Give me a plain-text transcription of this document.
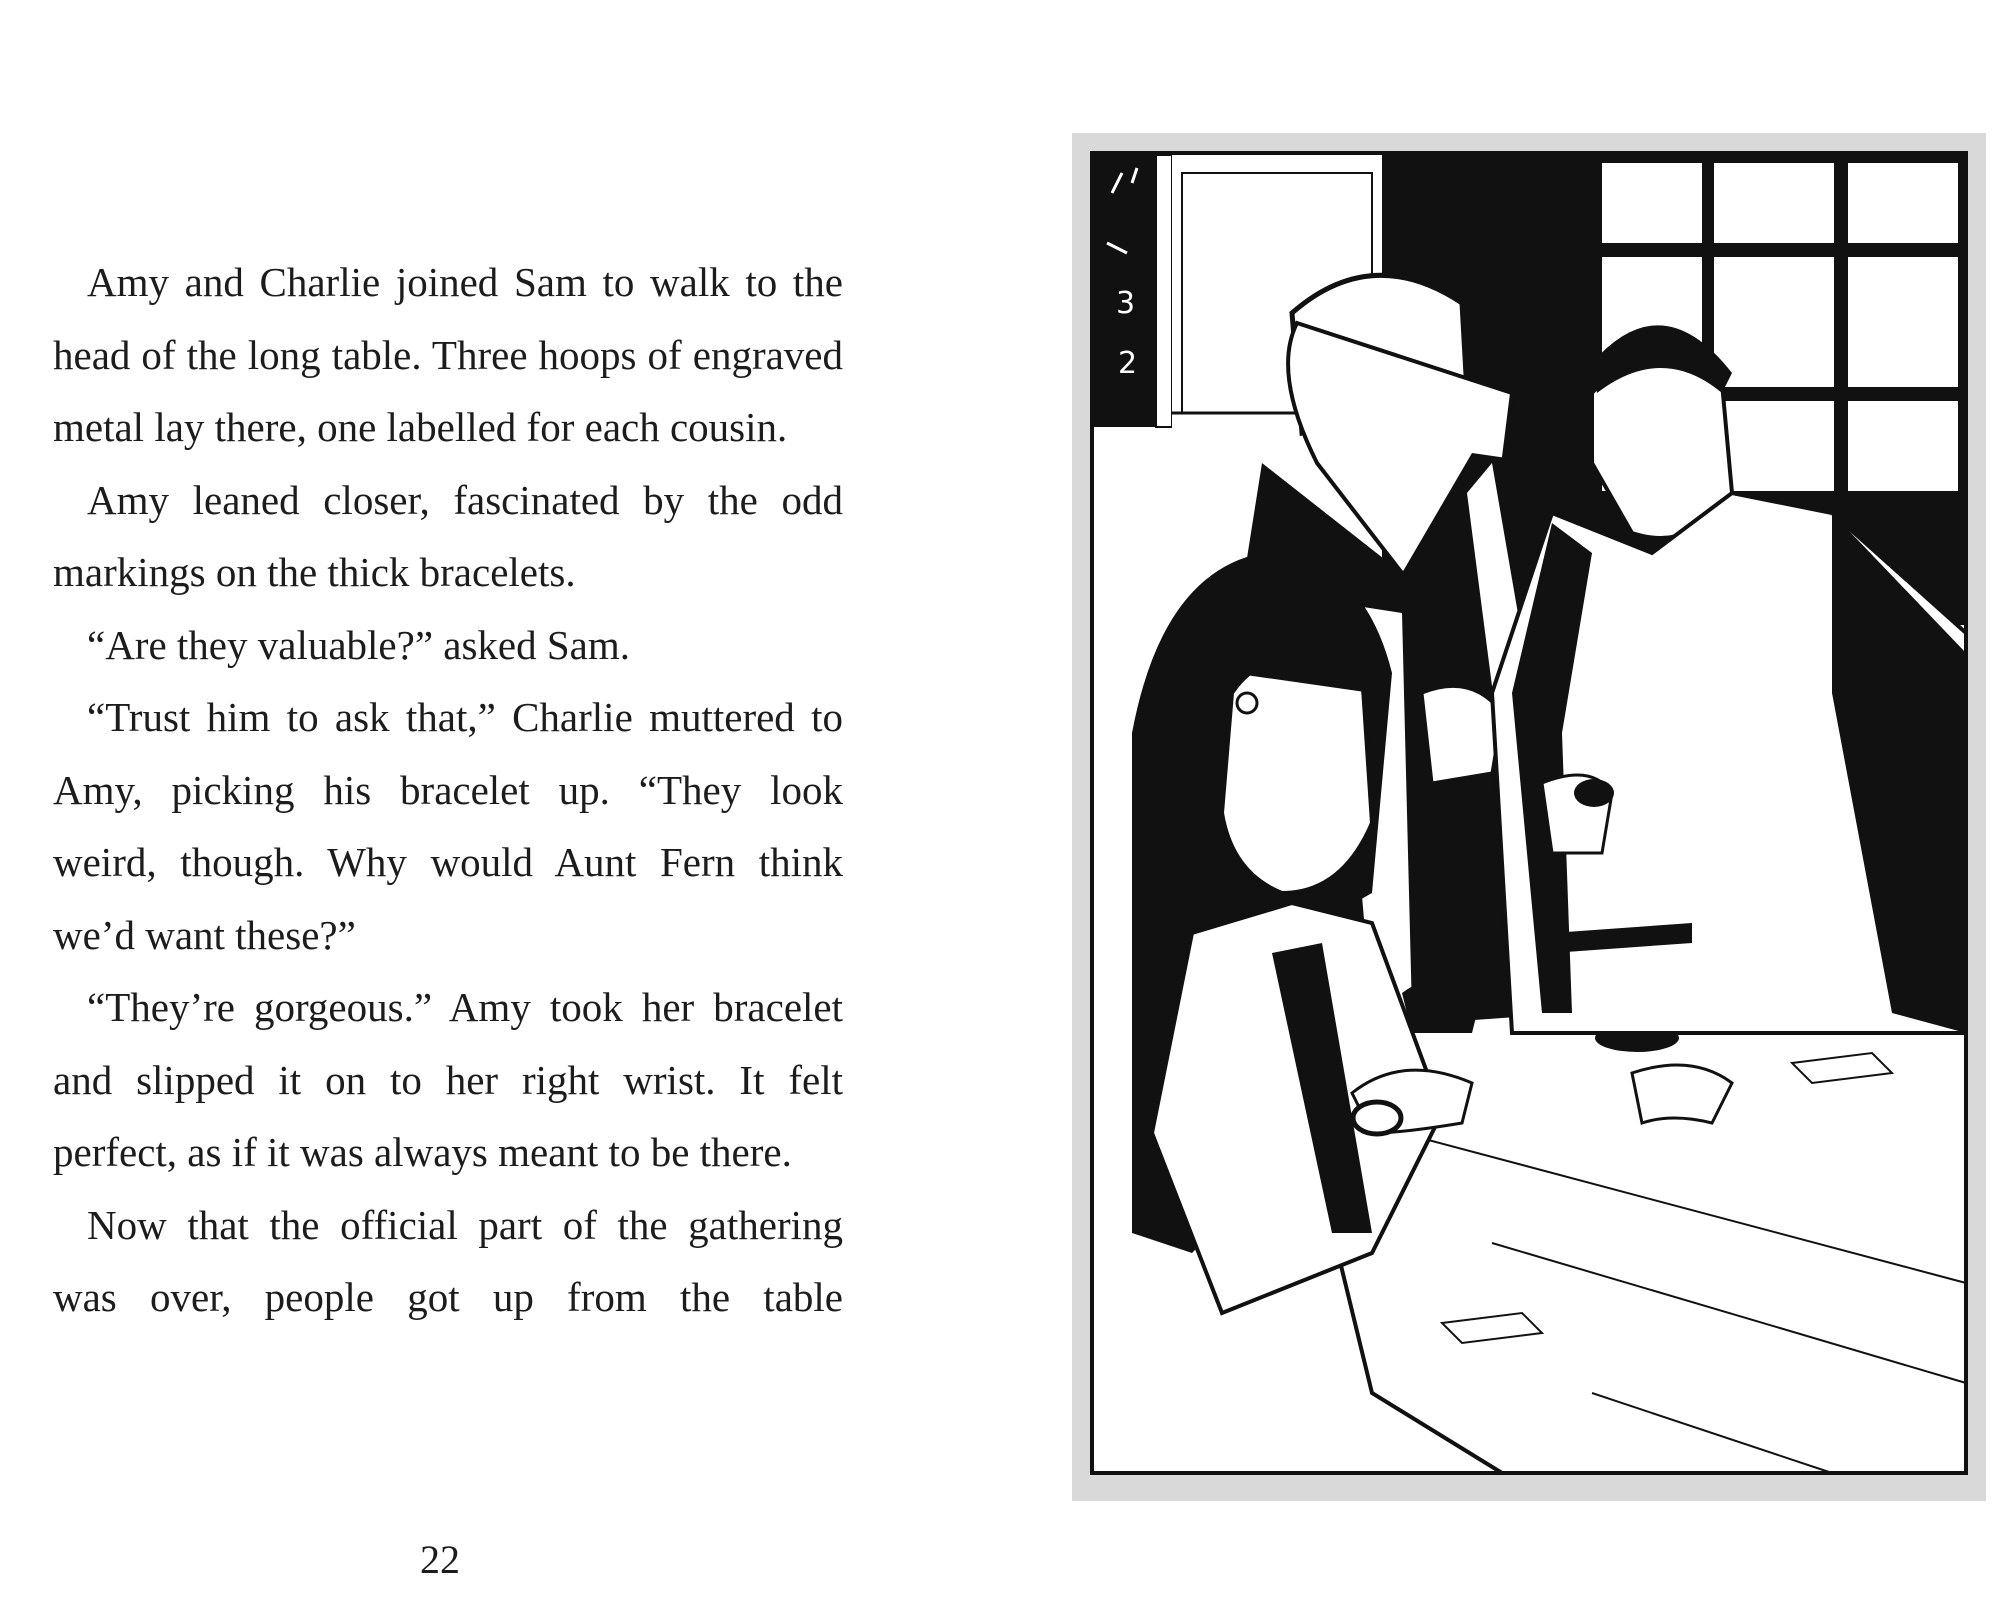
Amy and Charlie joined Sam to walk to the head of the long table. Three hoops of engraved metal lay there, one labelled for each cousin.

Amy leaned closer, fascinated by the odd markings on the thick bracelets.

“Are they valuable?” asked Sam.

“Trust him to ask that,” Charlie muttered to Amy, picking his bracelet up. “They look weird, though. Why would Aunt Fern think we’d want these?”

“They’re gorgeous.” Amy took her bracelet and slipped it on to her right wrist. It felt perfect, as if it was always meant to be there.

Now that the official part of the gathering was over, people got up from the table

22
3
2
